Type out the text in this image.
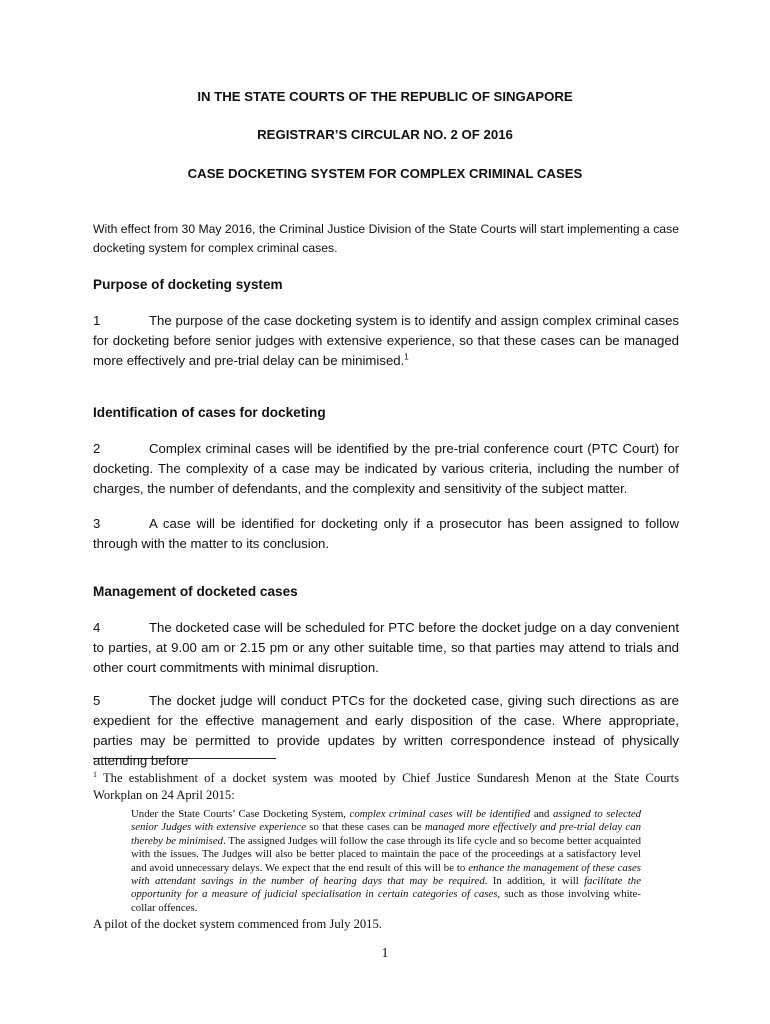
IN THE STATE COURTS OF THE REPUBLIC OF SINGAPORE
REGISTRAR’S CIRCULAR NO. 2 OF 2016
CASE DOCKETING SYSTEM FOR COMPLEX CRIMINAL CASES
With effect from 30 May 2016, the Criminal Justice Division of the State Courts will start implementing a case docketing system for complex criminal cases.
Purpose of docketing system
1	The purpose of the case docketing system is to identify and assign complex criminal cases for docketing before senior judges with extensive experience, so that these cases can be managed more effectively and pre-trial delay can be minimised.$^1$
Identification of cases for docketing
2	Complex criminal cases will be identified by the pre-trial conference court (PTC Court) for docketing. The complexity of a case may be indicated by various criteria, including the number of charges, the number of defendants, and the complexity and sensitivity of the subject matter.
3	A case will be identified for docketing only if a prosecutor has been assigned to follow through with the matter to its conclusion.
Management of docketed cases
4	The docketed case will be scheduled for PTC before the docket judge on a day convenient to parties, at 9.00 am or 2.15 pm or any other suitable time, so that parties may attend to trials and other court commitments with minimal disruption.
5	The docket judge will conduct PTCs for the docketed case, giving such directions as are expedient for the effective management and early disposition of the case. Where appropriate, parties may be permitted to provide updates by written correspondence instead of physically attending before
$^1$ The establishment of a docket system was mooted by Chief Justice Sundaresh Menon at the State Courts Workplan on 24 April 2015:
Under the State Courts’ Case Docketing System, complex criminal cases will be identified and assigned to selected senior Judges with extensive experience so that these cases can be managed more effectively and pre-trial delay can thereby be minimised. The assigned Judges will follow the case through its life cycle and so become better acquainted with the issues. The Judges will also be better placed to maintain the pace of the proceedings at a satisfactory level and avoid unnecessary delays. We expect that the end result of this will be to enhance the management of these cases with attendant savings in the number of hearing days that may be required. In addition, it will facilitate the opportunity for a measure of judicial specialisation in certain categories of cases, such as those involving white-collar offences.
A pilot of the docket system commenced from July 2015.
1
